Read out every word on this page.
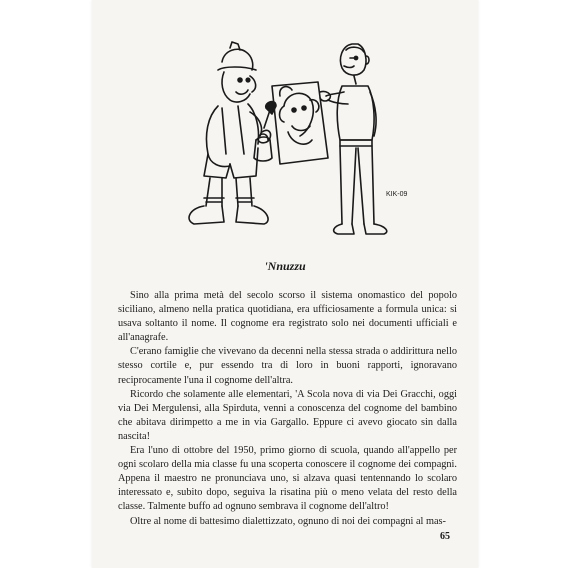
KIK-09
'Nnuzzu

Sino alla prima metà del secolo scorso il sistema onomastico del popolo siciliano, almeno nella pratica quotidiana, era ufficiosamente a formula unica: si usava soltanto il nome. Il cognome era registrato solo nei documenti ufficiali e all'anagrafe.

C'erano famiglie che vivevano da decenni nella stessa strada o addirittura nello stesso cortile e, pur essendo tra di loro in buoni rapporti, ignoravano reciprocamente l'una il cognome dell'altra.

Ricordo che solamente alle elementari, 'A Scola nova di via Dei Gracchi, oggi via Dei Mergulensi, alla Spirduta, venni a conoscenza del cognome del bambino che abitava dirimpetto a me in via Gargallo. Eppure ci avevo giocato sin dalla nascita!

Era l'uno di ottobre del 1950, primo giorno di scuola, quando all'appello per ogni scolaro della mia classe fu una scoperta conoscere il cognome dei compagni. Appena il maestro ne pronunciava uno, si alzava quasi tentennando lo scolaro interessato e, subito dopo, seguiva la risatina più o meno velata del resto della classe. Talmente buffo ad ognuno sembrava il cognome dell'altro!

Oltre al nome di battesimo dialettizzato, ognuno di noi dei compagni al mas-

65
